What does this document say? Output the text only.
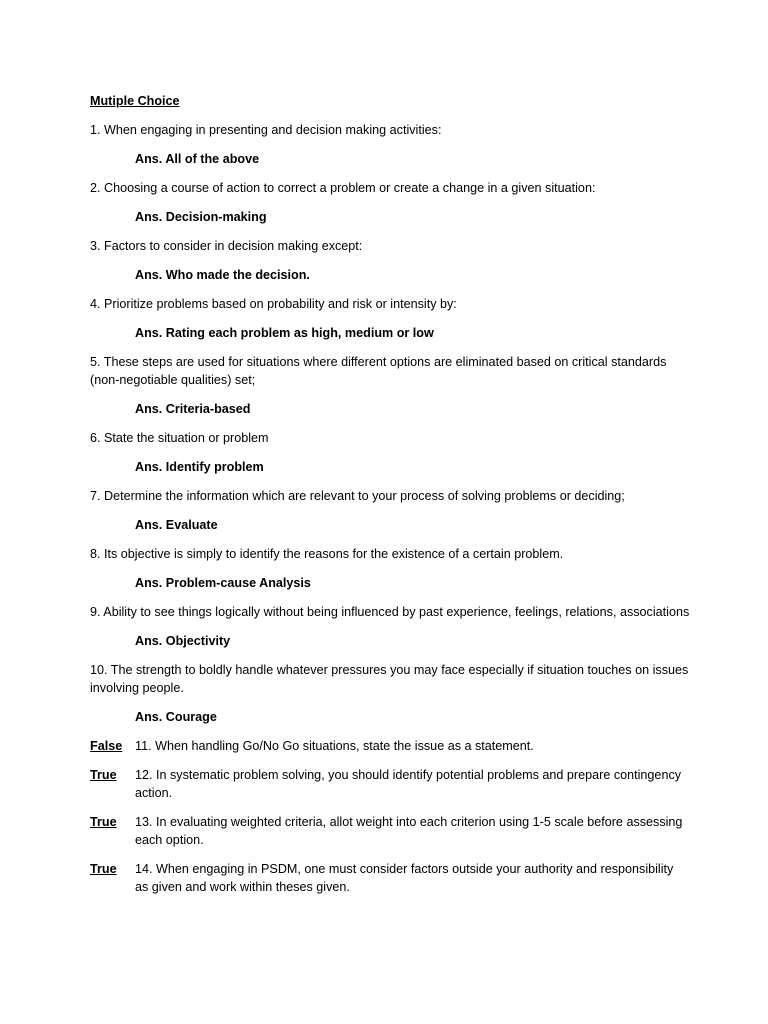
Mutiple Choice
1. When engaging in presenting and decision making activities:
Ans. All of the above
2. Choosing a course of action to correct a problem or create a change in a given situation:
Ans. Decision-making
3. Factors to consider in decision making except:
Ans. Who made the decision.
4. Prioritize problems based on probability and risk or intensity by:
Ans. Rating each problem as high, medium or low
5. These steps are used for situations where different options are eliminated based on critical standards (non-negotiable qualities) set;
Ans. Criteria-based
6. State the situation or problem
Ans. Identify problem
7. Determine the information which are relevant to your process of solving problems or deciding;
Ans. Evaluate
8. Its objective is simply to identify the reasons for the existence of a certain problem.
Ans. Problem-cause Analysis
9. Ability to see things logically without being influenced by past experience, feelings, relations, associations
Ans. Objectivity
10. The strength to boldly handle whatever pressures you may face especially if situation touches on issues involving people.
Ans. Courage
False	11. When handling Go/No Go situations, state the issue as a statement.
True	12. In systematic problem solving, you should identify potential problems and prepare contingency action.
True	13. In evaluating weighted criteria, allot weight into each criterion using 1-5 scale before assessing each option.
True	14. When engaging in PSDM, one must consider factors outside your authority and responsibility as given and work within theses given.
